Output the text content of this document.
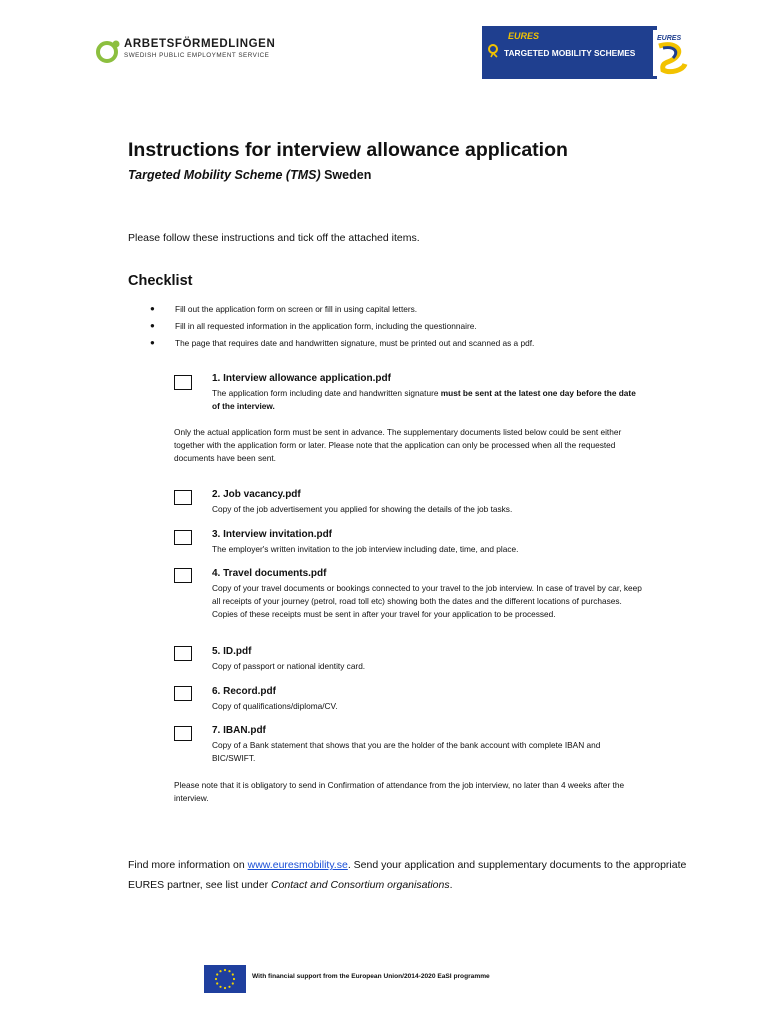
ARBETSFÖRMEDLINGEN
SWEDISH PUBLIC EMPLOYMENT SERVICE
EURES
TARGETED MOBILITY SCHEMES
EURES
Instructions for interview allowance application
Targeted Mobility Scheme (TMS) Sweden
Please follow these instructions and tick off the attached items.
Checklist
● Fill out the application form on screen or fill in using capital letters.
● Fill in all requested information in the application form, including the questionnaire.
● The page that requires date and handwritten signature, must be printed out and scanned as a pdf.
1. Interview allowance application.pdf
The application form including date and handwritten signature must be sent at the latest one day before the date of the interview.
Only the actual application form must be sent in advance. The supplementary documents listed below could be sent either together with the application form or later. Please note that the application can only be processed when all the requested documents have been sent.
2. Job vacancy.pdf
Copy of the job advertisement you applied for showing the details of the job tasks.
3. Interview invitation.pdf
The employer's written invitation to the job interview including date, time, and place.
4. Travel documents.pdf
Copy of your travel documents or bookings connected to your travel to the job interview. In case of travel by car, keep all receipts of your journey (petrol, road toll etc) showing both the dates and the different locations of purchases. Copies of these receipts must be sent in after your travel for your application to be processed.
5. ID.pdf
Copy of passport or national identity card.
6. Record.pdf
Copy of qualifications/diploma/CV.
7. IBAN.pdf
Copy of a Bank statement that shows that you are the holder of the bank account with complete IBAN and BIC/SWIFT.
Please note that it is obligatory to send in Confirmation of attendance from the job interview, no later than 4 weeks after the interview.
Find more information on www.euresmobility.se. Send your application and supplementary documents to the appropriate EURES partner, see list under Contact and Consortium organisations.
With financial support from the European Union/2014-2020 EaSI programme
